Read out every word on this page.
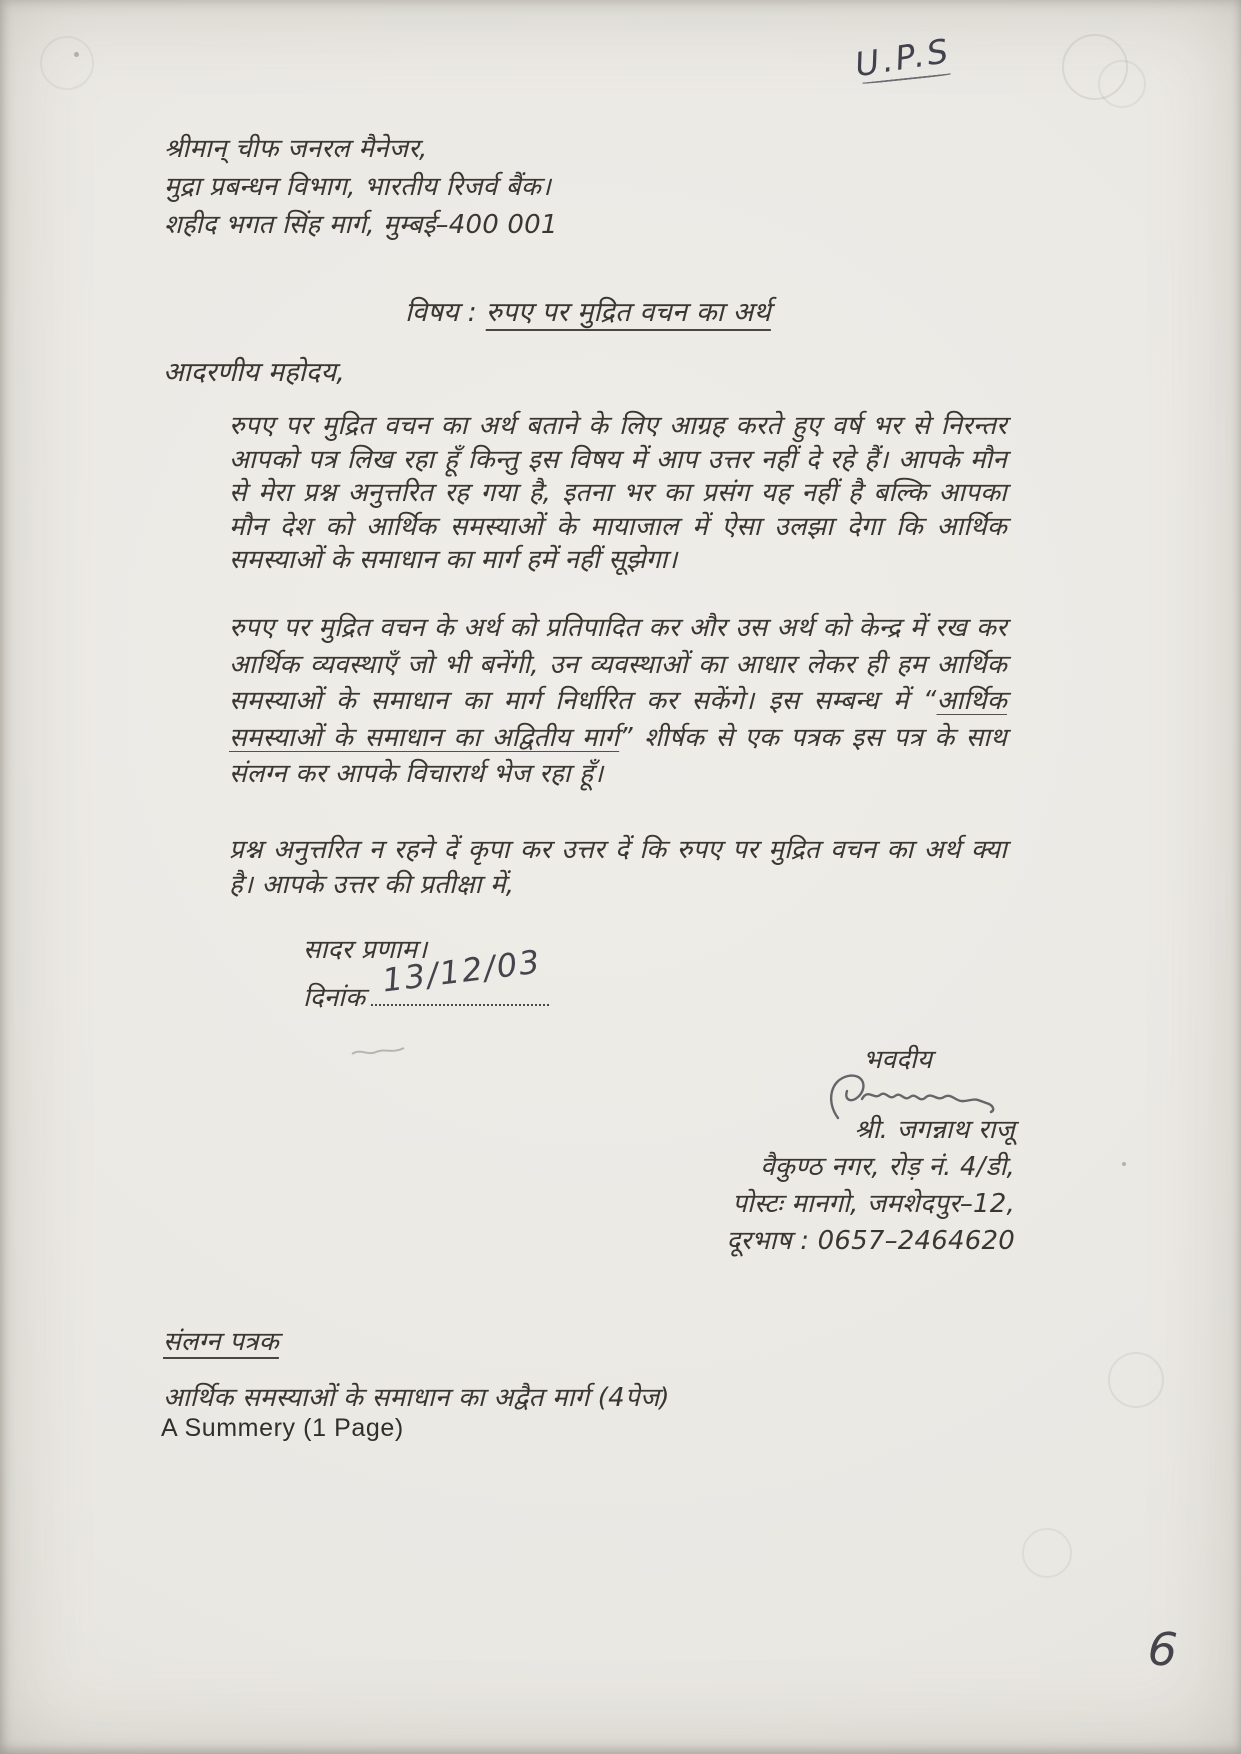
U.P.S
श्रीमान् चीफ जनरल मैनेजर,
मुद्रा प्रबन्धन विभाग, भारतीय रिजर्व बैंक।
शहीद भगत सिंह मार्ग, मुम्बई–400 001
विषय : रुपए पर मुद्रित वचन का अर्थ
आदरणीय महोदय,

रुपए पर मुद्रित वचन का अर्थ बताने के लिए आग्रह करते हुए वर्ष भर से निरन्तर आपको पत्र लिख रहा हूँ किन्तु इस विषय में आप उत्तर नहीं दे रहे हैं। आपके मौन से मेरा प्रश्न अनुत्तरित रह गया है, इतना भर का प्रसंग यह नहीं है बल्कि आपका मौन देश को आर्थिक समस्याओं के मायाजाल में ऐसा उलझा देगा कि आर्थिक समस्याओं के समाधान का मार्ग हमें नहीं सूझेगा।

रुपए पर मुद्रित वचन के अर्थ को प्रतिपादित कर और उस अर्थ को केन्द्र में रख कर आर्थिक व्यवस्थाएँ जो भी बनेंगी, उन व्यवस्थाओं का आधार लेकर ही हम आर्थिक समस्याओं के समाधान का मार्ग निर्धारित कर सकेंगे। इस सम्बन्ध में “आर्थिक समस्याओं के समाधान का अद्वितीय मार्ग” शीर्षक से एक पत्रक इस पत्र के साथ संलग्न कर आपके विचारार्थ भेज रहा हूँ।

प्रश्न अनुत्तरित न रहने दें कृपा कर उत्तर दें कि रुपए पर मुद्रित वचन का अर्थ क्या है। आपके उत्तर की प्रतीक्षा में,

सादर प्रणाम।
दिनांक 13/12/03
भवदीय
श्री. जगन्नाथ राजू
वैकुण्ठ नगर, रोड़ नं. 4/डी,
पोस्टः मानगो, जमशेदपुर–12,
दूरभाष : 0657–2464620
संलग्न पत्रक
आर्थिक समस्याओं के समाधान का अद्वैत मार्ग (4पेज)
A Summery (1 Page)
6
